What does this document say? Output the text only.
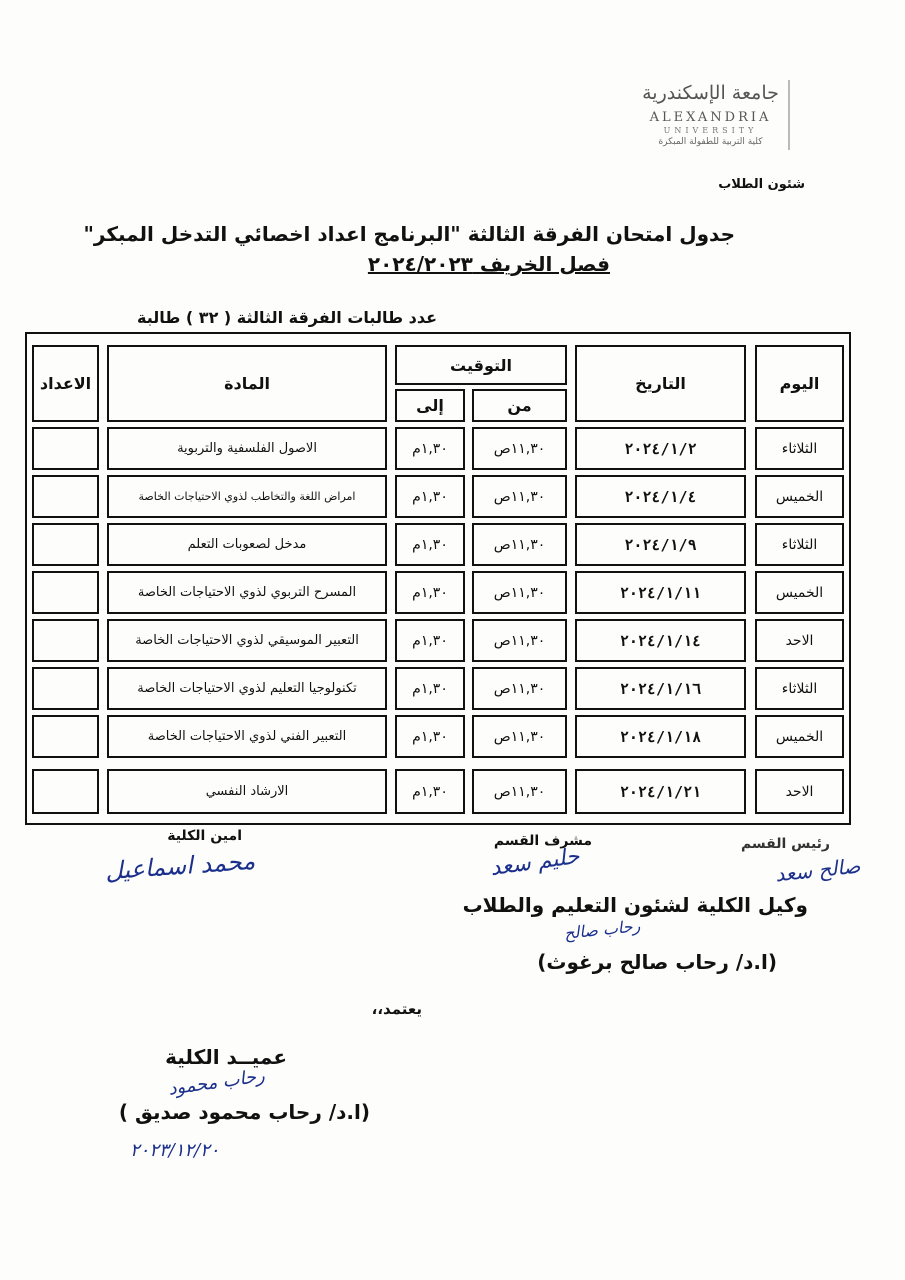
جامعة الإسكندرية
ALEXANDRIA
UNIVERSITY
كلية التربية للطفولة المبكرة
شئون الطلاب
جدول امتحان الفرقة الثالثة "البرنامج اعداد اخصائي التدخل المبكر"
فصل الخريف ٢٠٢٤/٢٠٢٣
عدد طالبات الفرقة الثالثة ( ٣٢ ) طالبة
اليوم
التاريخ
التوقيت
من
إلى
المادة
الاعداد
الثلاثاء
٢٠٢٤/١/٢
١١,٣٠ص
١,٣٠م
الاصول الفلسفية والتربوية
الخميس
٢٠٢٤/١/٤
١١,٣٠ص
١,٣٠م
امراض اللغة والتخاطب لذوي الاحتياجات الخاصة
الثلاثاء
٢٠٢٤/١/٩
١١,٣٠ص
١,٣٠م
مدخل لصعوبات التعلم
الخميس
٢٠٢٤/١/١١
١١,٣٠ص
١,٣٠م
المسرح التربوي لذوي الاحتياجات الخاصة
الاحد
٢٠٢٤/١/١٤
١١,٣٠ص
١,٣٠م
التعبير الموسيقي لذوي الاحتياجات الخاصة
الثلاثاء
٢٠٢٤/١/١٦
١١,٣٠ص
١,٣٠م
تكنولوجيا التعليم لذوي الاحتياجات الخاصة
الخميس
٢٠٢٤/١/١٨
١١,٣٠ص
١,٣٠م
التعبير الفني لذوي الاحتياجات الخاصة
الاحد
٢٠٢٤/١/٢١
١١,٣٠ص
١,٣٠م
الارشاد النفسي
رئيس القسم
صالح سعد
مشرف القسم
حليم سعد
امين الكلية
محمد اسماعيل
وكيل الكلية لشئون التعليم والطلاب
رحاب صالح
(ا.د/ رحاب صالح برغوث)
يعتمد،،
عميــد الكلية
رحاب محمود
(ا.د/ رحاب محمود صديق )
٢٠٢٣/١٢/٢٠
